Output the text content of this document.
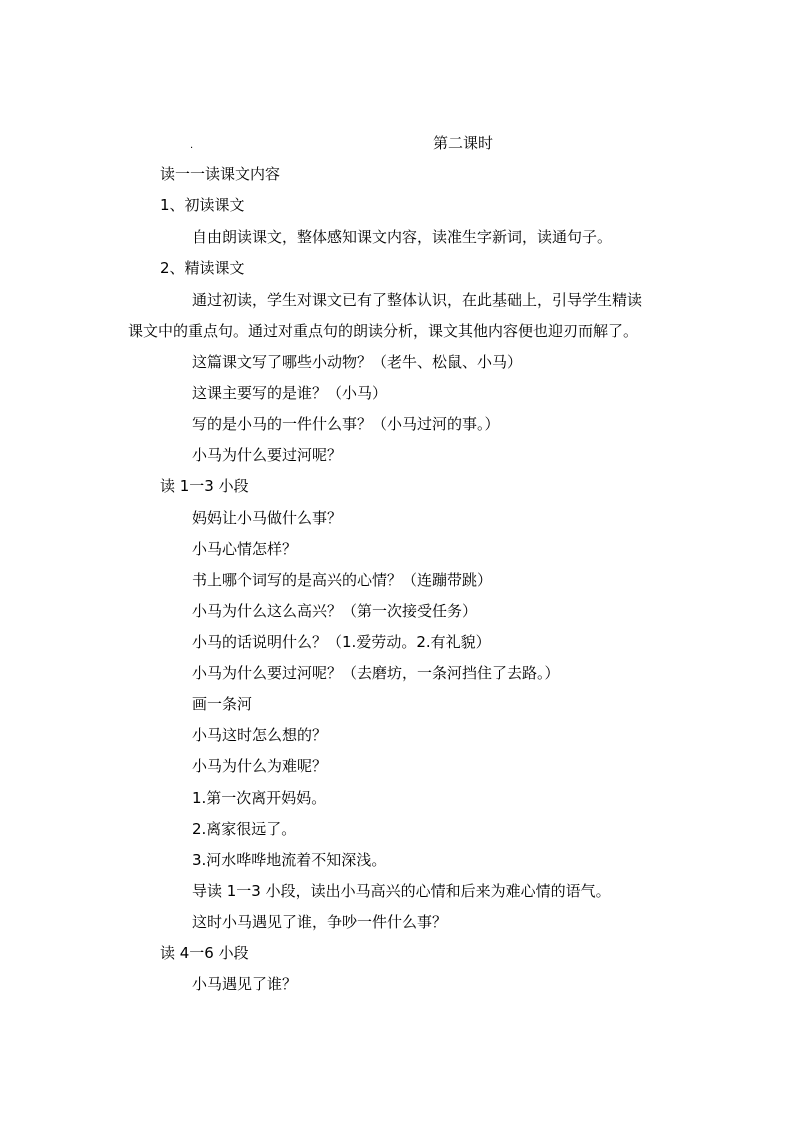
.	第二课时
读一一读课文内容
1、初读课文
自由朗读课文，整体感知课文内容，读准生字新词，读通句子。
2、精读课文
通过初读，学生对课文已有了整体认识，在此基础上，引导学生精读
课文中的重点句。通过对重点句的朗读分析，课文其他内容便也迎刃而解了。
这篇课文写了哪些小动物？（老牛、松鼠、小马）
这课主要写的是谁？（小马）
写的是小马的一件什么事？（小马过河的事。）
小马为什么要过河呢？
读 1一3 小段
妈妈让小马做什么事？
小马心情怎样？
书上哪个词写的是高兴的心情？（连蹦带跳）
小马为什么这么高兴？（第一次接受任务）
小马的话说明什么？（1.爱劳动。2.有礼貌）
小马为什么要过河呢？（去磨坊，一条河挡住了去路。）
画一条河
小马这时怎么想的？
小马为什么为难呢？
1.第一次离开妈妈。
2.离家很远了。
3.河水哗哗地流着不知深浅。
导读 1一3 小段，读出小马高兴的心情和后来为难心情的语气。
这时小马遇见了谁，争吵一件什么事？
读 4一6 小段
小马遇见了谁？
